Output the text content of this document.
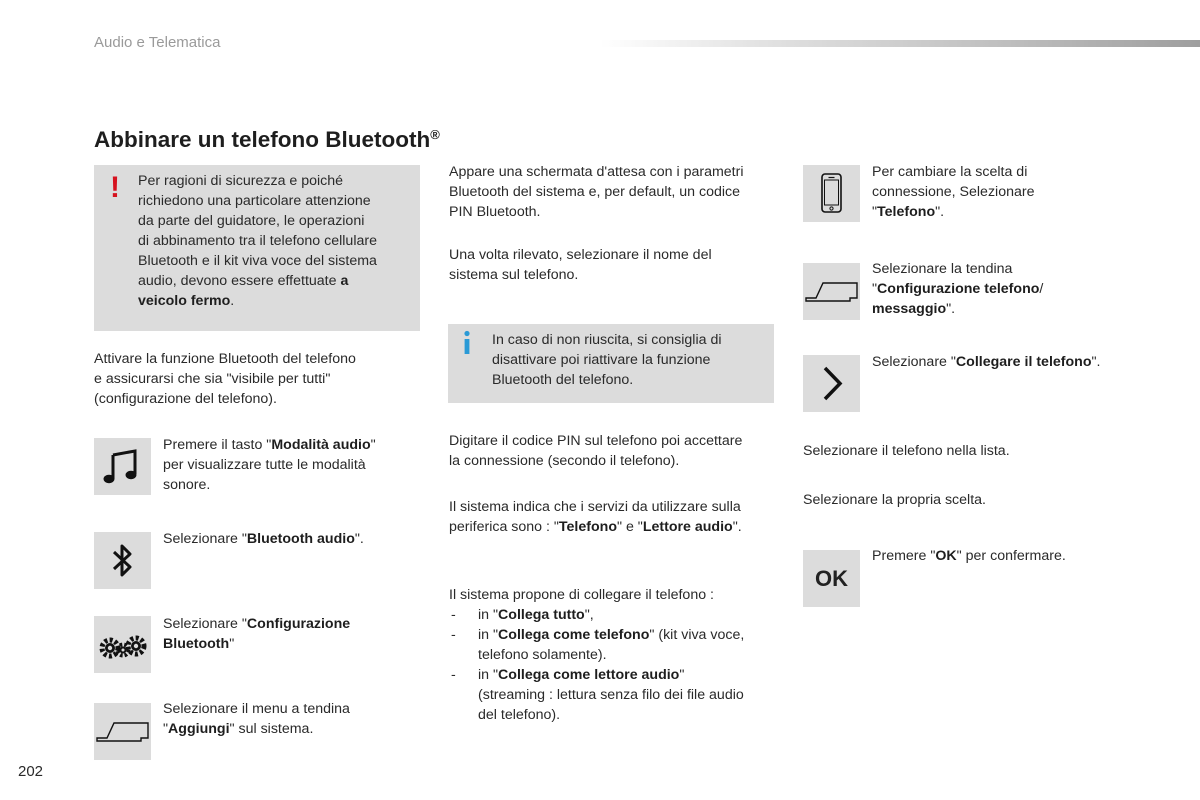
Audio e Telematica
Abbinare un telefono Bluetooth®
! Per ragioni di sicurezza e poiché
richiedono una particolare attenzione
da parte del guidatore, le operazioni
di abbinamento tra il telefono cellulare
Bluetooth e il kit viva voce del sistema
audio, devono essere effettuate a
veicolo fermo.
Attivare la funzione Bluetooth del telefono
e assicurarsi che sia "visibile per tutti"
(configurazione del telefono).
Premere il tasto "Modalità audio"
per visualizzare tutte le modalità
sonore.
Selezionare "Bluetooth audio".
Selezionare "Configurazione
Bluetooth"
Selezionare il menu a tendina
"Aggiungi" sul sistema.
Appare una schermata d'attesa con i parametri
Bluetooth del sistema e, per default, un codice
PIN Bluetooth.
Una volta rilevato, selezionare il nome del
sistema sul telefono.
In caso di non riuscita, si consiglia di
disattivare poi riattivare la funzione
Bluetooth del telefono.
Digitare il codice PIN sul telefono poi accettare
la connessione (secondo il telefono).
Il sistema indica che i servizi da utilizzare sulla
periferica sono : "Telefono" e "Lettore audio".
Il sistema propone di collegare il telefono :
- in "Collega tutto",
- in "Collega come telefono" (kit viva voce,
telefono solamente).
- in "Collega come lettore audio"
(streaming : lettura senza filo dei file audio
del telefono).
Per cambiare la scelta di
connessione, Selezionare
"Telefono".
Selezionare la tendina
"Configurazione telefono/
messaggio".
Selezionare "Collegare il telefono".
Selezionare il telefono nella lista.
Selezionare la propria scelta.
OK
Premere "OK" per confermare.
202
